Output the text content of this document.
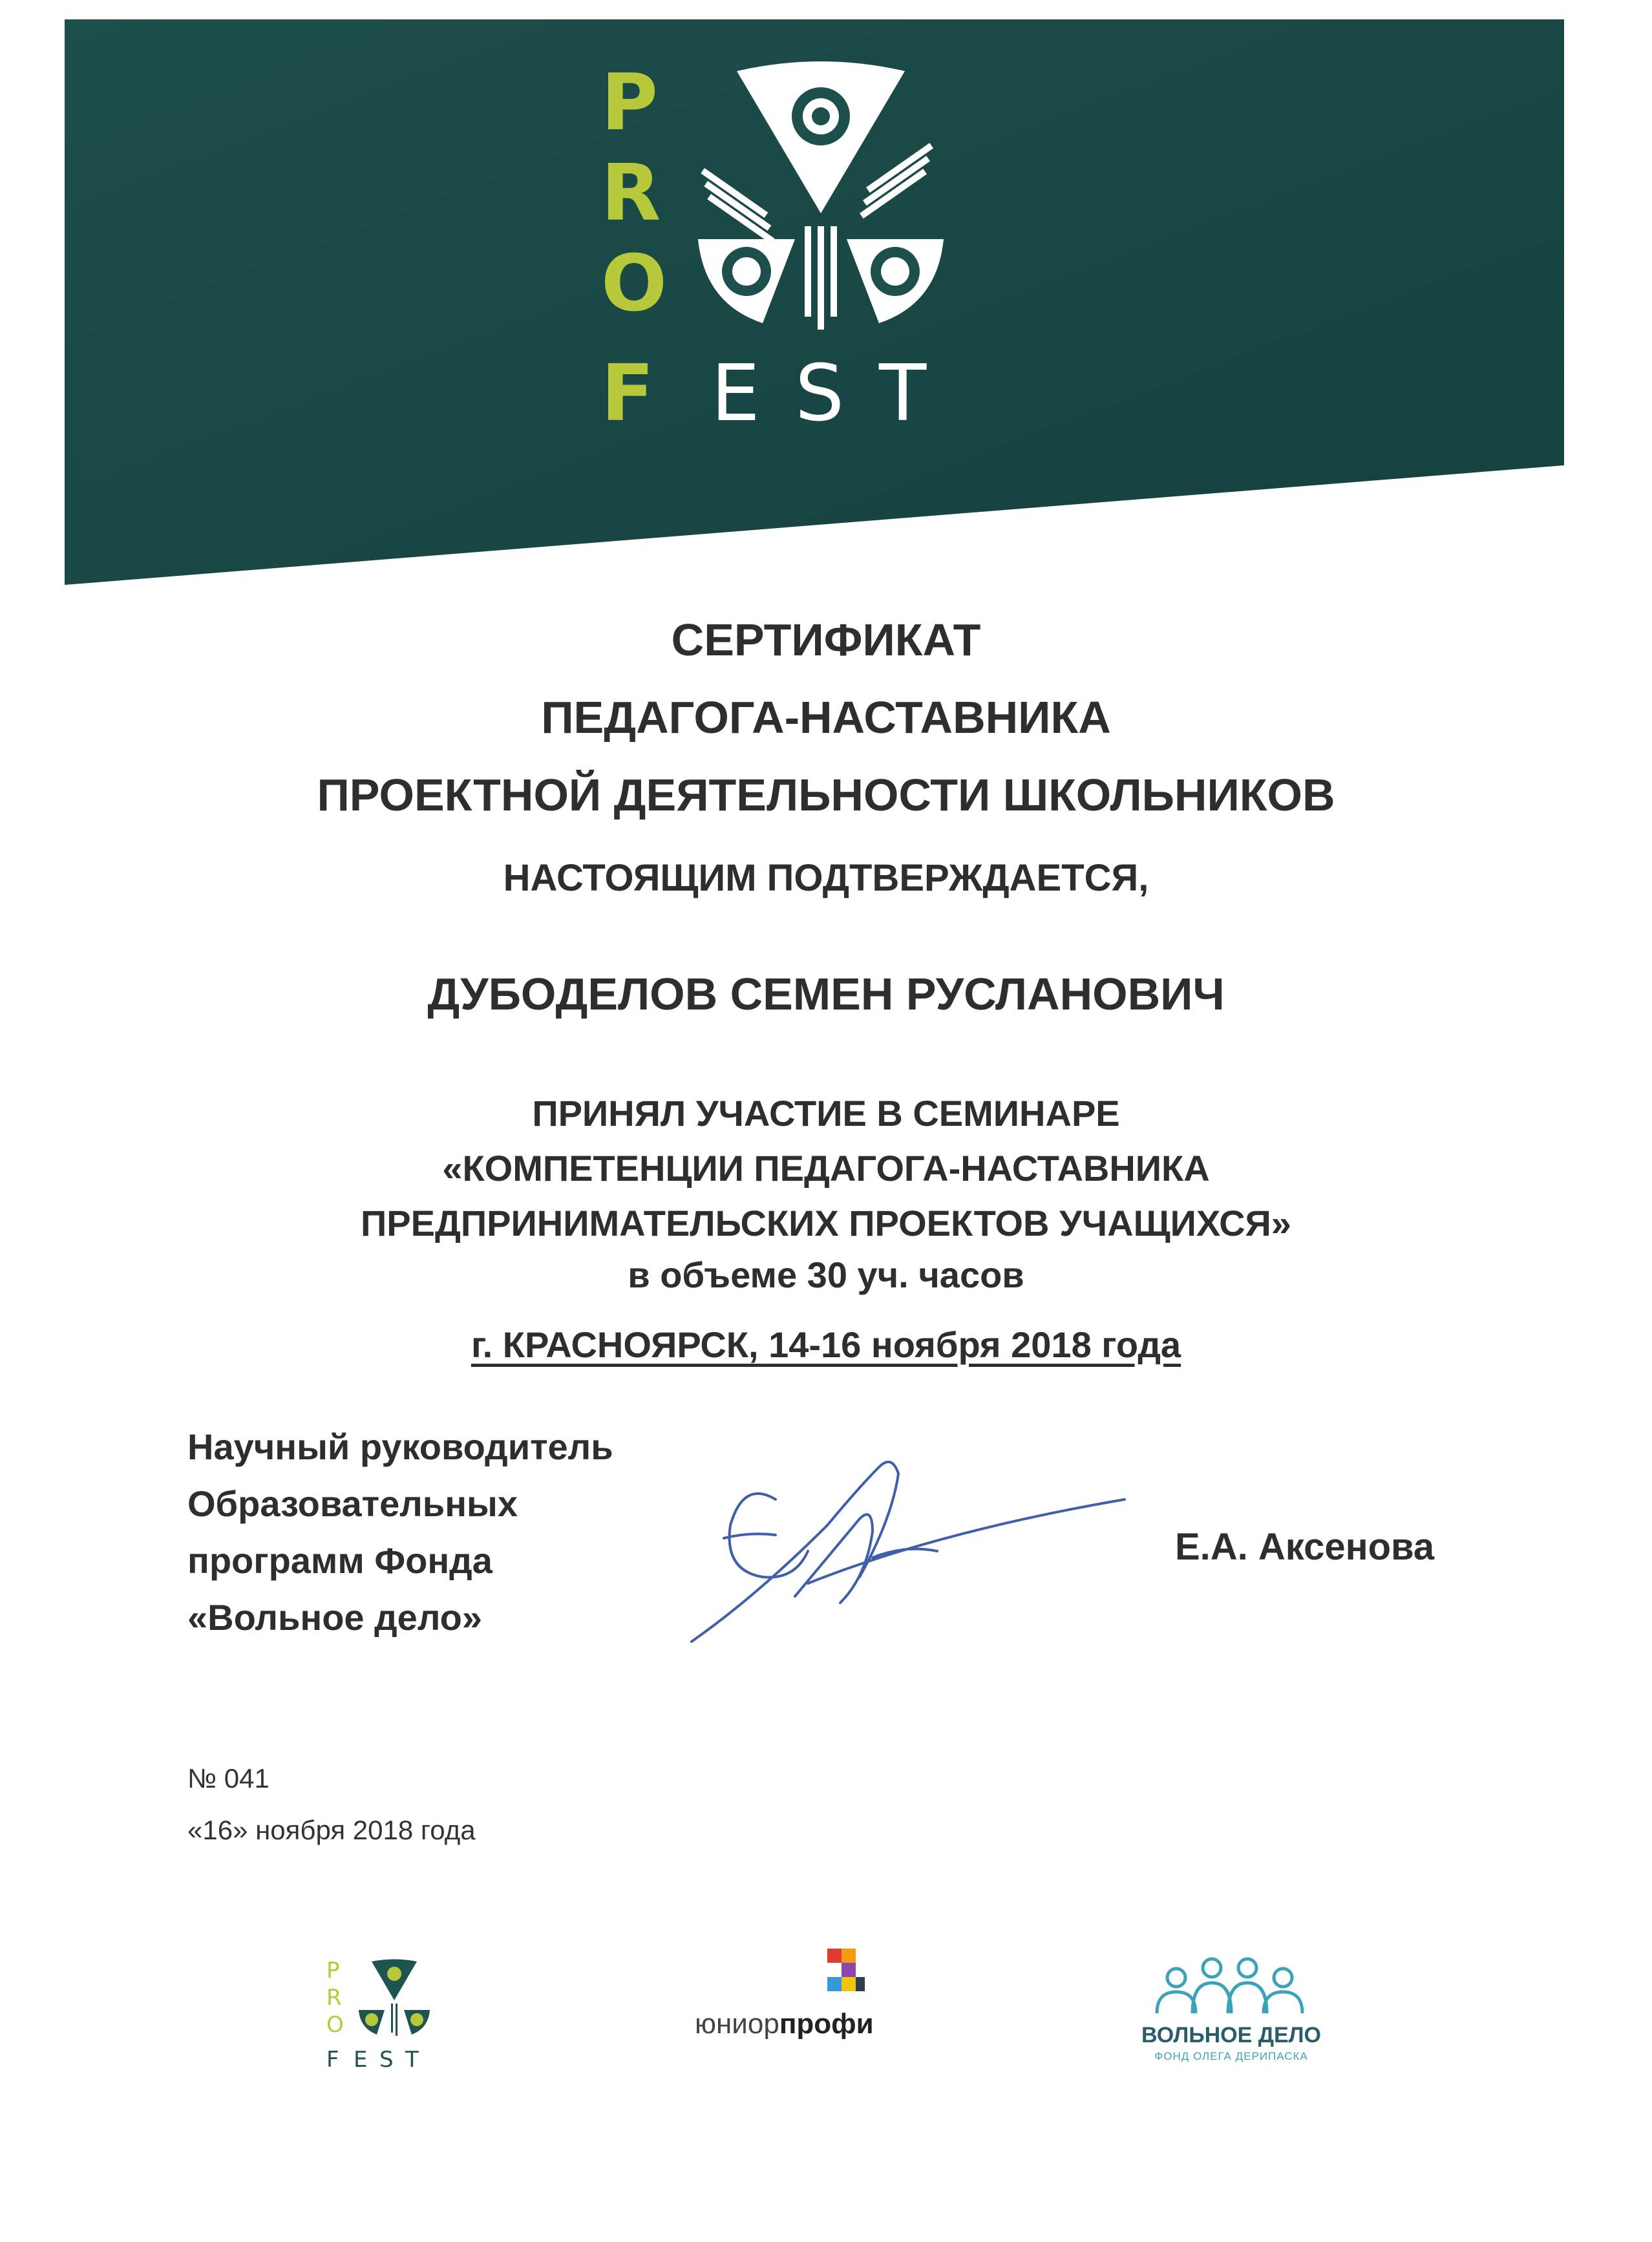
P
R
O
F E S T
СЕРТИФИКАТ
ПЕДАГОГА-НАСТАВНИКА
ПРОЕКТНОЙ ДЕЯТЕЛЬНОСТИ ШКОЛЬНИКОВ
НАСТОЯЩИМ ПОДТВЕРЖДАЕТСЯ,
ДУБОДЕЛОВ СЕМЕН РУСЛАНОВИЧ
ПРИНЯЛ УЧАСТИЕ В СЕМИНАРЕ
«КОМПЕТЕНЦИИ ПЕДАГОГА-НАСТАВНИКА
ПРЕДПРИНИМАТЕЛЬСКИХ ПРОЕКТОВ УЧАЩИХСЯ»
в объеме 30 уч. часов
г. КРАСНОЯРСК, 14-16 ноября 2018 года
Научный руководитель
Образовательных
программ Фонда
«Вольное дело»
Е.А. Аксенова
№ 041
«16» ноября 2018 года
P
R
O
F E S T
юниорпрофи	ВОЛЬНОЕ ДЕЛО
ФОНД ОЛЕГА ДЕРИПАСКА
